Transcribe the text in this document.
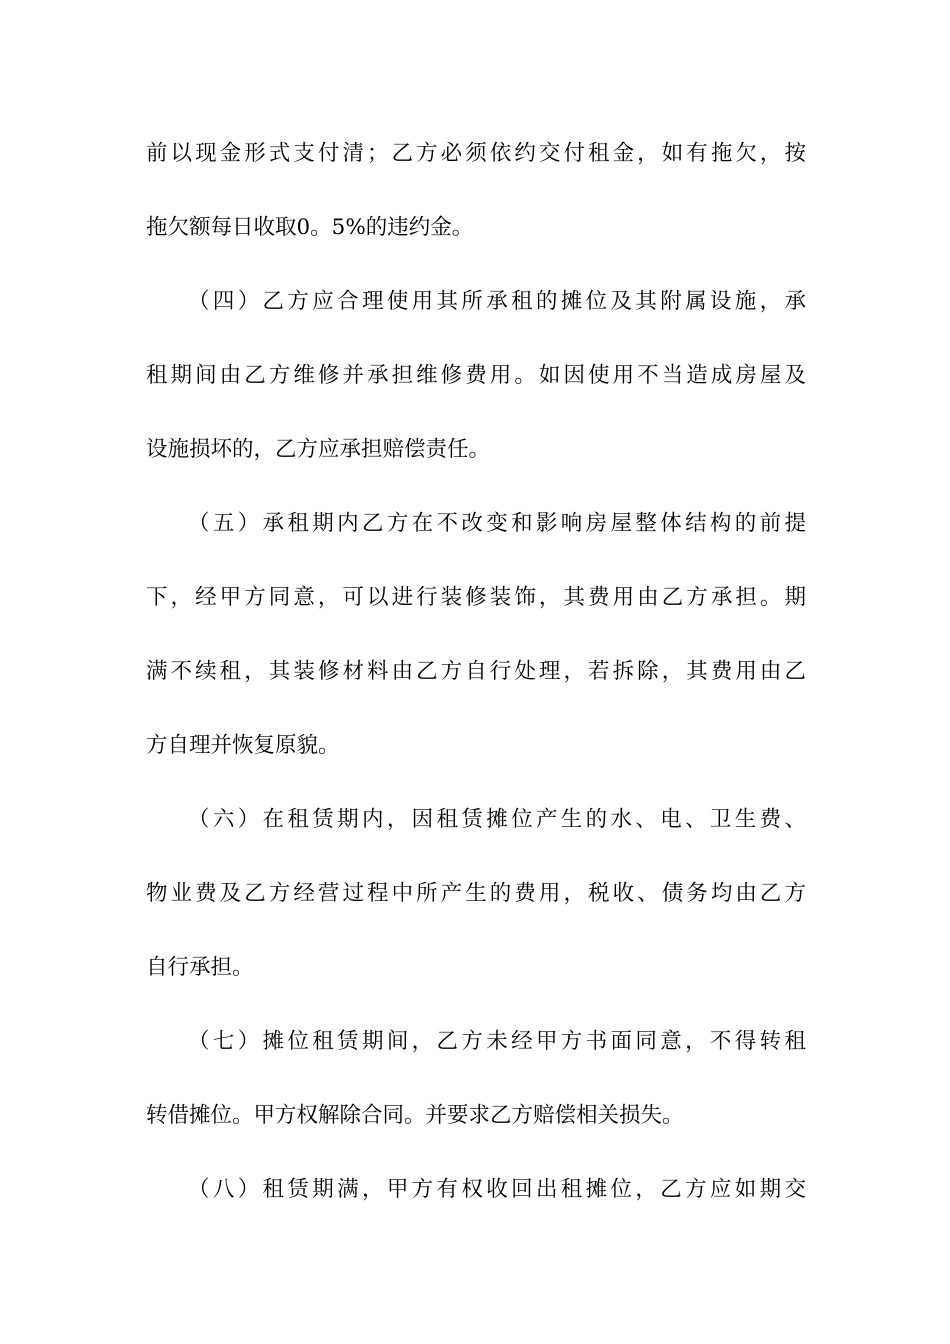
前以现金形式支付清；乙方必须依约交付租金，如有拖欠，按
拖欠额每日收取0。5%的违约金。
（四）乙方应合理使用其所承租的摊位及其附属设施，承
租期间由乙方维修并承担维修费用。如因使用不当造成房屋及
设施损坏的，乙方应承担赔偿责任。
（五）承租期内乙方在不改变和影响房屋整体结构的前提
下，经甲方同意，可以进行装修装饰，其费用由乙方承担。期
满不续租，其装修材料由乙方自行处理，若拆除，其费用由乙
方自理并恢复原貌。
（六）在租赁期内，因租赁摊位产生的水、电、卫生费、
物业费及乙方经营过程中所产生的费用，税收、债务均由乙方
自行承担。
（七）摊位租赁期间，乙方未经甲方书面同意，不得转租
转借摊位。甲方权解除合同。并要求乙方赔偿相关损失。
（八）租赁期满，甲方有权收回出租摊位，乙方应如期交
